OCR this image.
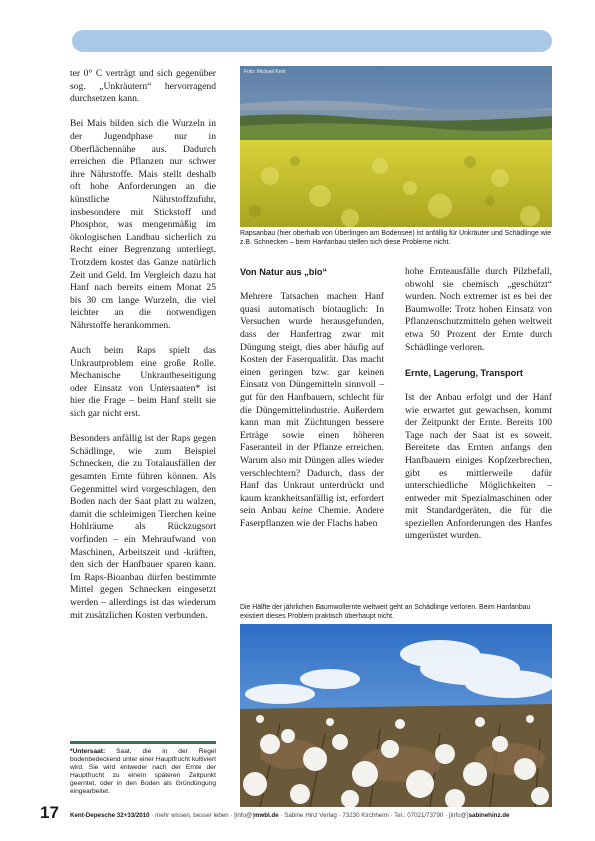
ter 0° C verträgt und sich gegenüber sog. „Unkräutern“ hervorragend durchsetzen kann.

Bei Mais bilden sich die Wurzeln in der Jugendphase nur in Oberflächennähe aus. Dadurch erreichen die Pflanzen nur schwer ihre Nährstoffe. Mais stellt deshalb oft hohe Anforderungen an die künstliche Nährstoffzufuhr, insbesondere mit Stickstoff und Phosphor, was mengenmäßig im ökologischen Landbau sicherlich zu Recht einer Begrenzung unterliegt. Trotzdem kostet das Ganze natürlich Zeit und Geld. Im Vergleich dazu hat Hanf nach bereits einem Monat 25 bis 30 cm lange Wurzeln, die viel leichter an die notwendigen Nährstoffe herankommen.

Auch beim Raps spielt das Unkrautproblem eine große Rolle. Mechanische Unkrautbeseitigung oder Einsatz von Untersaaten* ist hier die Frage – beim Hanf stellt sie sich gar nicht erst.

Besonders anfällig ist der Raps gegen Schädlinge, wie zum Beispiel Schnecken, die zu Totalausfällen der gesamten Ernte führen können. Als Gegenmittel wird vorgeschlagen, den Boden nach der Saat platt zu walzen, damit die schleimigen Tierchen keine Hohlräume als Rückzugsort vorfinden – ein Mehraufwand von Maschinen, Arbeitszeit und -kräften, den sich der Hanfbauer sparen kann. Im Raps-Bioanbau dürfen bestimmte Mittel gegen Schnecken eingesetzt werden – allerdings ist das wiederum mit zusätzlichen Kosten verbunden.

Foto: Michael Kent
Rapsanbau (hier oberhalb von Überlingen am Bodensee) ist anfällig für Unkräuter und Schädlinge wie z.B. Schnecken – beim Hanfanbau stellen sich diese Probleme nicht.
Von Natur aus „bio“

Mehrere Tatsachen machen Hanf quasi automatisch biotauglich: In Versuchen wurde herausgefunden, dass der Hanfertrag zwar mit Düngung steigt, dies aber häufig auf Kosten der Faserqualität. Das macht einen geringen bzw. gar keinen Einsatz von Düngemitteln sinnvoll – gut für den Hanfbauern, schlecht für die Düngemittelindustrie. Außerdem kann man mit Züchtungen bessere Erträge sowie einen höheren Faseranteil in der Pflanze erreichen. Warum also mit Düngen alles wieder verschlechtern? Dadurch, dass der Hanf das Unkraut unterdrückt und kaum krankheitsanfällig ist, erfordert sein Anbau keine Chemie. Andere Faserpflanzen wie der Flachs haben

hohe Ernteausfälle durch Pilzbefall, obwohl sie chemisch „geschützt“ wurden. Noch extremer ist es bei der Baumwolle: Trotz hohen Einsatz von Pflanzenschutzmitteln gehen weltweit etwa 50 Prozent der Ernte durch Schädlinge verloren.

Ernte, Lagerung, Transport

Ist der Anbau erfolgt und der Hanf wie erwartet gut gewachsen, kommt der Zeitpunkt der Ernte. Bereits 100 Tage nach der Saat ist es soweit. Bereitete das Ernten anfangs den Hanfbauern einiges Kopfzerbrechen, gibt es mittlerweile dafür unterschiedliche Möglichkeiten – entweder mit Spezialmaschinen oder mit Standardgeräten, die für die speziellen Anforderungen des Hanfes umgerüstet wurden.

Die Hälfte der jährlichen Baumwollernte weltweit geht an Schädlinge verloren. Beim Hanfanbau existiert dieses Problem praktisch überhaupt nicht.
*Untersaat: Saat, die in der Regel bodenbedeckend unter einer Hauptfrucht kultiviert wird. Sie wird entweder nach der Ernte der Hauptfrucht zu einem späteren Zeitpunkt geerntet, oder in den Boden als Gründüngung eingearbeitet.
17 Kent-Depesche 32+33/2010 · mehr wissen, besser leben · [info@]mwbl.de · Sabine Hinz Verlag · 73230 Kirchheim · Tel.: 07021/73790 · [info@]sabinehinz.de
